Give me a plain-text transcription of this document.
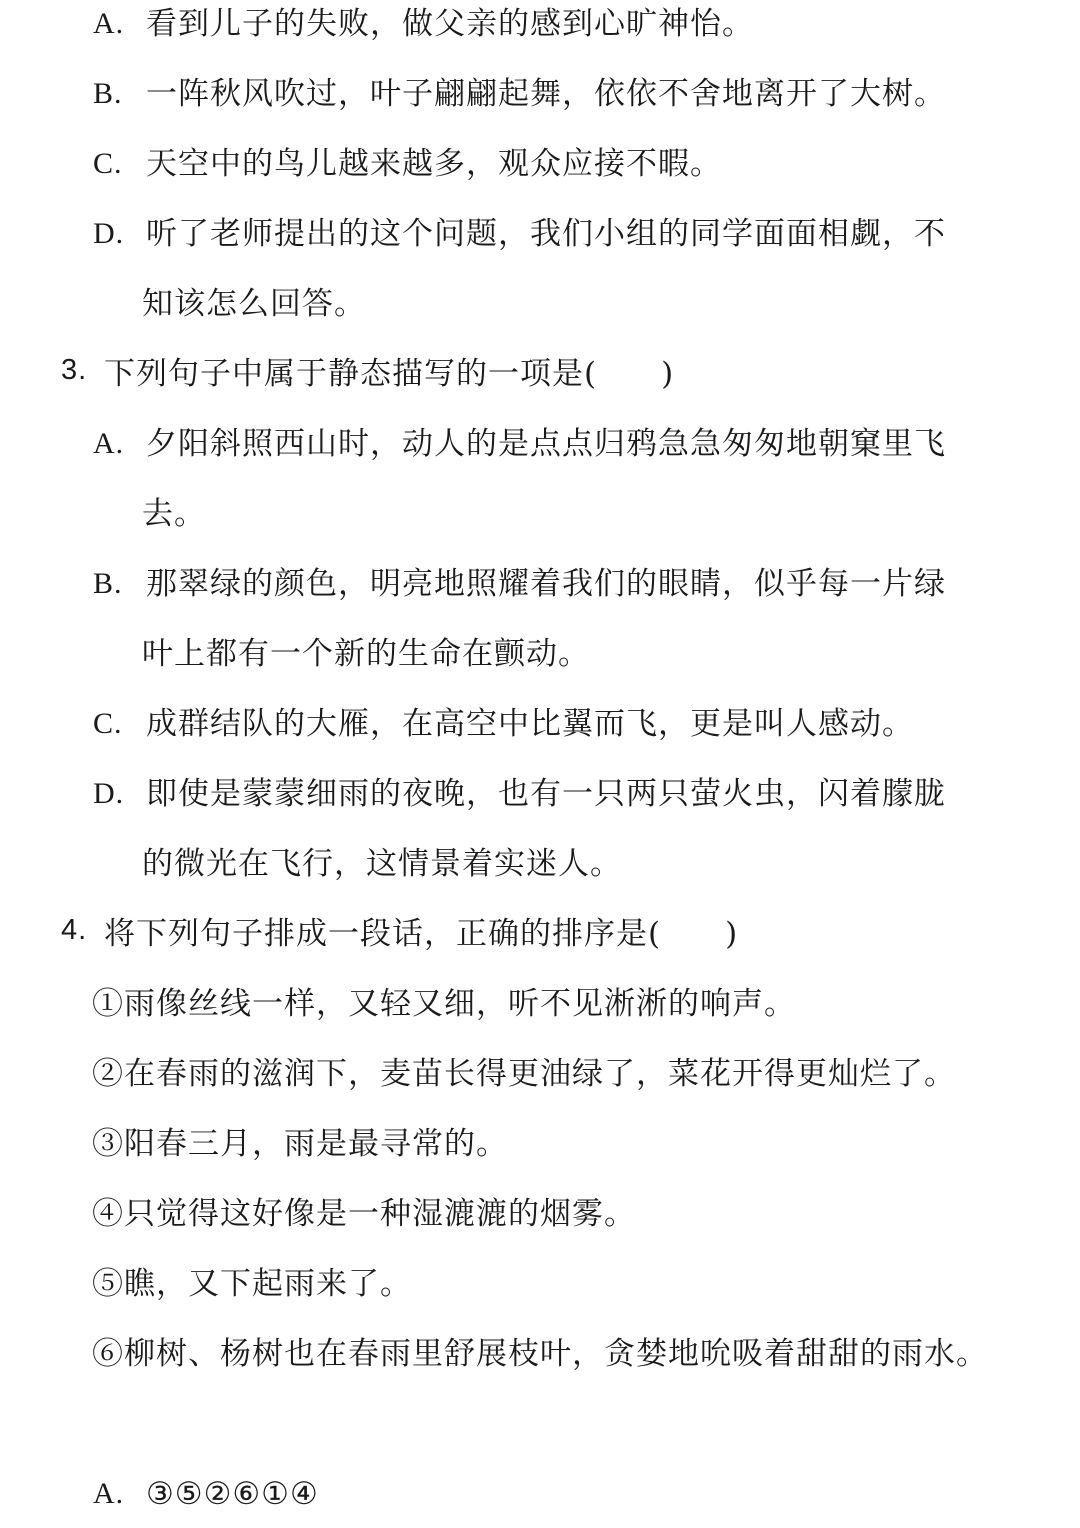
A. 看到儿子的失败，做父亲的感到心旷神怡。
B. 一阵秋风吹过，叶子翩翩起舞，依依不舍地离开了大树。
C. 天空中的鸟儿越来越多，观众应接不暇。
D. 听了老师提出的这个问题，我们小组的同学面面相觑，不
知该怎么回答。
3. 下列句子中属于静态描写的一项是(　　)
A. 夕阳斜照西山时，动人的是点点归鸦急急匆匆地朝窠里飞
去。
B. 那翠绿的颜色，明亮地照耀着我们的眼睛，似乎每一片绿
叶上都有一个新的生命在颤动。
C. 成群结队的大雁，在高空中比翼而飞，更是叫人感动。
D. 即使是蒙蒙细雨的夜晚，也有一只两只萤火虫，闪着朦胧
的微光在飞行，这情景着实迷人。
4. 将下列句子排成一段话，正确的排序是(　　)
①雨像丝线一样，又轻又细，听不见淅淅的响声。
②在春雨的滋润下，麦苗长得更油绿了，菜花开得更灿烂了。
③阳春三月，雨是最寻常的。
④只觉得这好像是一种湿漉漉的烟雾。
⑤瞧，又下起雨来了。
⑥柳树、杨树也在春雨里舒展枝叶，贪婪地吮吸着甜甜的雨水。
A. ③⑤②⑥①④
